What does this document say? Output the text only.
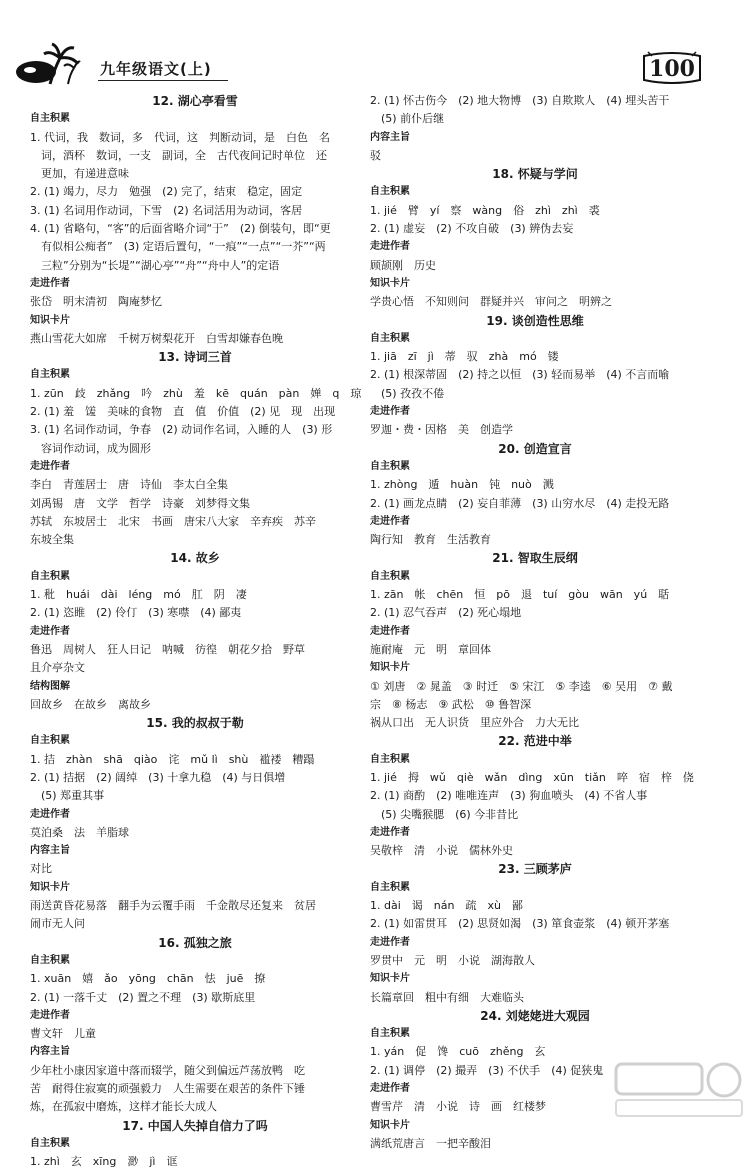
九年级语文(上)	100
12. 湖心亭看雪
自主积累
1. 代词，我　数词，多　代词，这　判断动词，是　白色　名
　词，酒杯　数词，一支　副词，全　古代夜间记时单位　还
　更加，有递进意味
2. (1) 竭力，尽力　勉强　(2) 完了，结束　稳定，固定
3. (1) 名词用作动词，下雪　(2) 名词活用为动词，客居
4. (1) 省略句，“客”的后面省略介词“于”　(2) 倒装句，即“更
　有似相公痴者”　(3) 定语后置句，“一痕”“一点”“一芥”“两
　三粒”分别为“长堤”“湖心亭”“舟”“舟中人”的定语
走进作者
张岱　明末清初　陶庵梦忆
知识卡片
燕山雪花大如席　千树万树梨花开　白雪却嫌春色晚
13. 诗词三首
自主积累
1. zūn　歧　zhǎng　吟　zhù　羞　kē　quán　pàn　婵　q　琼
2. (1) 羞　馐　美味的食物　直　值　价值　(2) 见　现　出现
3. (1) 名词作动词，争春　(2) 动词作名词，入睡的人　(3) 形
　容词作动词，成为圆形
走进作者
李白　青莲居士　唐　诗仙　李太白全集
刘禹锡　唐　文学　哲学　诗豪　刘梦得文集
苏轼　东坡居士　北宋　书画　唐宋八大家　辛弃疾　苏辛
东坡全集
14. 故乡
自主积累
1. 秕　huái　dài　léng　mó　肛　阴　凄
2. (1) 恣睢　(2) 伶仃　(3) 寒噤　(4) 鄙夷
走进作者
鲁迅　周树人　狂人日记　呐喊　彷徨　朝花夕拾　野草
且介亭杂文
结构图解
回故乡　在故乡　离故乡
15. 我的叔叔于勒
自主积累
1. 拮　zhàn　shā　qiào　诧　mǔ lì　shù　褴褛　糟蹋
2. (1) 拮据　(2) 阔绰　(3) 十拿九稳　(4) 与日俱增
　(5) 郑重其事
走进作者
莫泊桑　法　羊脂球
内容主旨
对比
知识卡片
雨送黄昏花易落　翻手为云覆手雨　千金散尽还复来　贫居
闹市无人问
16. 孤独之旅
自主积累
1. xuān　嬉　ǎo　yōng　chān　怯　juē　撩
2. (1) 一落千丈　(2) 置之不理　(3) 歇斯底里
走进作者
曹文轩　儿童
内容主旨
少年杜小康因家道中落而辍学，随父到偏远芦荡放鸭　吃
苦　耐得住寂寞的顽强毅力　人生需要在艰苦的条件下锤
炼，在孤寂中磨炼，这样才能长大成人
17. 中国人失掉自信力了吗
自主积累
1. zhì　玄　xīng　渺　jì　诓
2. (1) 怀古伤今　(2) 地大物博　(3) 自欺欺人　(4) 埋头苦干
　(5) 前仆后继
内容主旨
驳
18. 怀疑与学问
自主积累
1. jié　臂　yí　察　wàng　俗　zhì　zhì　裘
2. (1) 虚妄　(2) 不攻自破　(3) 辨伪去妄
走进作者
顾颉刚　历史
知识卡片
学贵心悟　不知则问　群疑并兴　审问之　明辨之
19. 谈创造性思维
自主积累
1. jiā　zī　jì　蒂　驭　zhà　mó　镂
2. (1) 根深蒂固　(2) 持之以恒　(3) 轻而易举　(4) 不言而喻
　(5) 孜孜不倦
走进作者
罗迦・费・因格　美　创造学
20. 创造宣言
自主积累
1. zhòng　遁　huàn　钝　nuò　溅
2. (1) 画龙点睛　(2) 妄自菲薄　(3) 山穷水尽　(4) 走投无路
走进作者
陶行知　教育　生活教育
21. 智取生辰纲
自主积累
1. zān　帐　chēn　恒　pō　退　tuí　gòu　wān　yú　聒
2. (1) 忍气吞声　(2) 死心塌地
走进作者
施耐庵　元　明　章回体
知识卡片
① 刘唐　② 晁盖　③ 时迁　⑤ 宋江　⑤ 李逵　⑥ 吴用　⑦ 戴
宗　⑧ 杨志　⑨ 武松　⑩ 鲁智深
祸从口出　无人识货　里应外合　力大无比
22. 范进中举
自主积累
1. jié　拇　wǔ　qiè　wǎn　dìng　xūn　tiǎn　啐　宿　梓　侥
2. (1) 商酌　(2) 唯唯连声　(3) 狗血喷头　(4) 不省人事
　(5) 尖嘴猴腮　(6) 今非昔比
走进作者
吴敬梓　清　小说　儒林外史
23. 三顾茅庐
自主积累
1. dài　谒　nán　疏　xù　鄙
2. (1) 如雷贯耳　(2) 思贤如渴　(3) 箪食壶浆　(4) 顿开茅塞
走进作者
罗贯中　元　明　小说　湖海散人
知识卡片
长篇章回　粗中有细　大难临头
24. 刘姥姥进大观园
自主积累
1. yán　促　馋　cuō　zhěng　玄
2. (1) 调停　(2) 撮弄　(3) 不伏手　(4) 促狭鬼
走进作者
曹雪芹　清　小说　诗　画　红楼梦
知识卡片
满纸荒唐言　一把辛酸泪
